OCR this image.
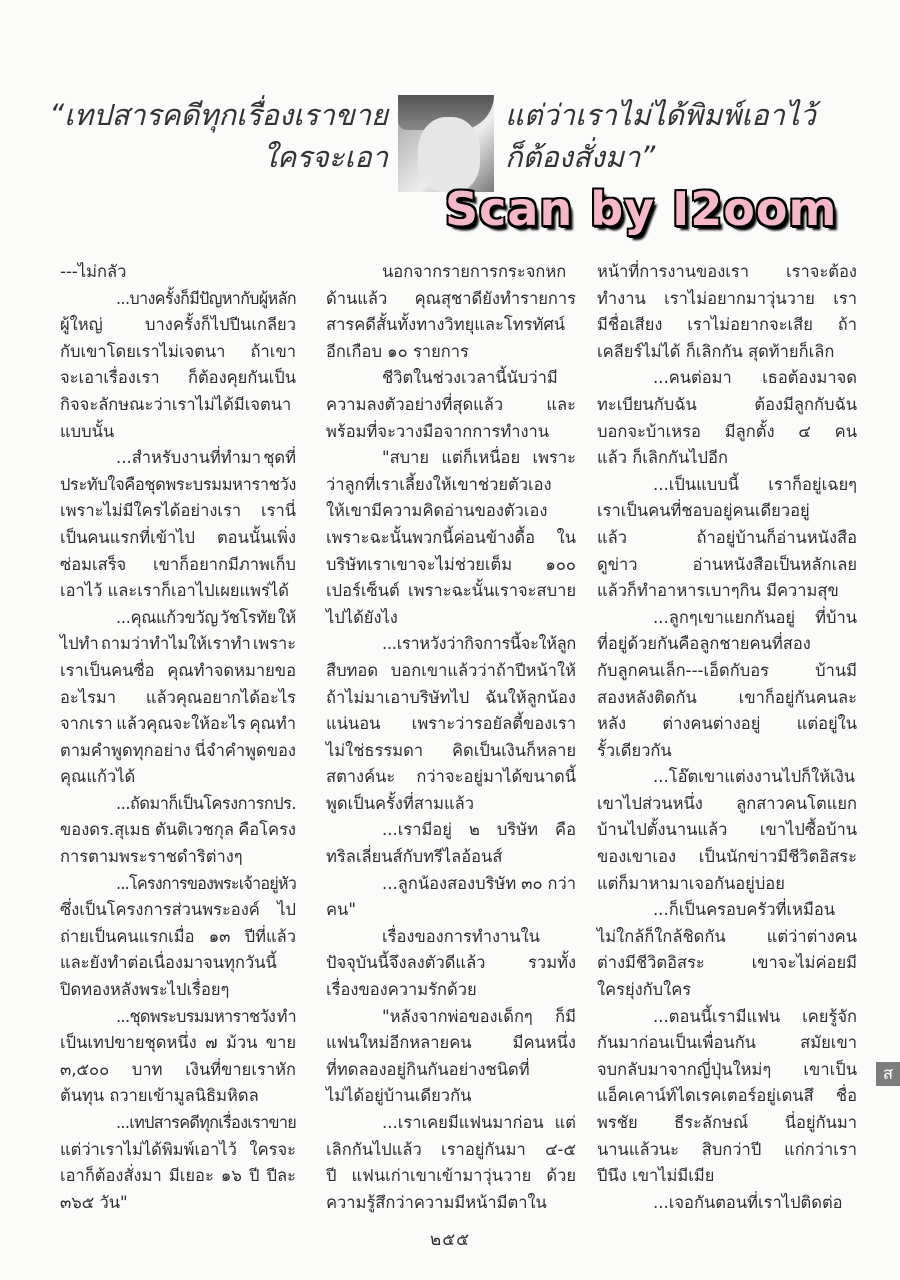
“เทปสารคดีทุกเรื่องเราขาย	แต่ว่าเราไม่ได้พิมพ์เอาไว้
ใครจะเอา	ก็ต้องสั่งมา”
Scan by I2oom
---ไม่กลัว
...บางครั้งก็มีปัญหากับผู้หลัก
ผู้ใหญ่ บางครั้งก็ไปปีนเกลียว
กับเขาโดยเราไม่เจตนา ถ้าเขา
จะเอาเรื่องเรา ก็ต้องคุยกันเป็น
กิจจะลักษณะว่าเราไม่ได้มีเจตนา
แบบนั้น
...สำหรับงานที่ทำมา ชุดที่
ประทับใจคือชุดพระบรมมหาราชวัง
เพราะไม่มีใครได้อย่างเรา เรานี่
เป็นคนแรกที่เข้าไป ตอนนั้นเพิ่ง
ซ่อมเสร็จ เขาก็อยากมีภาพเก็บ
เอาไว้ และเราก็เอาไปเผยแพร่ได้
...คุณแก้วขวัญ วัชโรทัย ให้
ไปทำ ถามว่าทำไมให้เราทำ เพราะ
เราเป็นคนซื่อ คุณทำจดหมายขอ
อะไรมา แล้วคุณอยากได้อะไร
จากเรา แล้วคุณจะให้อะไร คุณทำ
ตามคำพูดทุกอย่าง นี่จำคำพูดของ
คุณแก้วได้
...ถัดมาก็เป็นโครงการกปร.
ของดร.สุเมธ ตันติเวชกุล คือโครง
การตามพระราชดำริต่างๆ
...โครงการของพระเจ้าอยู่หัว
ซึ่งเป็นโครงการส่วนพระองค์ ไป
ถ่ายเป็นคนแรกเมื่อ ๑๓ ปีที่แล้ว
และยังทำต่อเนื่องมาจนทุกวันนี้
ปิดทองหลังพระไปเรื่อยๆ
...ชุดพระบรมมหาราชวัง ทำ
เป็นเทปขายชุดหนึ่ง ๗ ม้วน ขาย
๓,๕๐๐ บาท เงินที่ขายเราหัก
ต้นทุน ถวายเข้ามูลนิธิมหิดล
...เทปสารคดีทุกเรื่องเราขาย
แต่ว่าเราไม่ได้พิมพ์เอาไว้ ใครจะ
เอาก็ต้องสั่งมา มีเยอะ ๑๖ ปี ปีละ
๓๖๕ วัน"
นอกจากรายการกระจกหก
ด้านแล้ว คุณสุชาดียังทำรายการ
สารคดีสั้นทั้งทางวิทยุและโทรทัศน์
อีกเกือบ ๑๐ รายการ
ชีวิตในช่วงเวลานี้นับว่ามี
ความลงตัวอย่างที่สุดแล้ว และ
พร้อมที่จะวางมือจากการทำงาน
"สบาย แต่ก็เหนื่อย เพราะ
ว่าลูกที่เราเลี้ยงให้เขาช่วยตัวเอง
ให้เขามีความคิดอ่านของตัวเอง
เพราะฉะนั้นพวกนี้ค่อนข้างดื้อ ใน
บริษัทเราเขาจะไม่ช่วยเต็ม ๑๐๐
เปอร์เซ็นต์ เพราะฉะนั้นเราจะสบาย
ไปได้ยังไง
...เราหวังว่ากิจการนี้จะให้ลูก
สืบทอด บอกเขาแล้วว่าถ้าปีหน้าให้
ถ้าไม่มาเอาบริษัทไป ฉันให้ลูกน้อง
แน่นอน เพราะว่ารอยัลตี้ของเรา
ไม่ใช่ธรรมดา คิดเป็นเงินก็หลาย
สตางค์นะ กว่าจะอยู่มาได้ขนาดนี้
พูดเป็นครั้งที่สามแล้ว
...เรามีอยู่ ๒ บริษัท คือ
ทริลเลี่ยนส์กับทรีไลอ้อนส์
...ลูกน้องสองบริษัท ๓๐ กว่า
คน"
เรื่องของการทำงานใน
ปัจจุบันนี้จึงลงตัวดีแล้ว รวมทั้ง
เรื่องของความรักด้วย
"หลังจากพ่อของเด็กๆ ก็มี
แฟนใหม่อีกหลายคน มีคนหนึ่ง
ที่ทดลองอยู่กินกันอย่างชนิดที่
ไม่ได้อยู่บ้านเดียวกัน
...เราเคยมีแฟนมาก่อน แต่
เลิกกันไปแล้ว เราอยู่กันมา ๔-๕
ปี แฟนเก่าเขาเข้ามาวุ่นวาย ด้วย
ความรู้สึกว่าความมีหน้ามีตาใน
หน้าที่การงานของเรา เราจะต้อง
ทำงาน เราไม่อยากมาวุ่นวาย เรา
มีชื่อเสียง เราไม่อยากจะเสีย ถ้า
เคลียร์ไม่ได้ ก็เลิกกัน สุดท้ายก็เลิก
...คนต่อมา เธอต้องมาจด
ทะเบียนกับฉัน ต้องมีลูกกับฉัน
บอกจะบ้าเหรอ มีลูกตั้ง ๔ คน
แล้ว ก็เลิกกันไปอีก
...เป็นแบบนี้ เราก็อยู่เฉยๆ
เราเป็นคนที่ชอบอยู่คนเดียวอยู่
แล้ว ถ้าอยู่บ้านก็อ่านหนังสือ
ดูข่าว อ่านหนังสือเป็นหลักเลย
แล้วก็ทำอาหารเบาๆกิน มีความสุข
...ลูกๆเขาแยกกันอยู่ ที่บ้าน
ที่อยู่ด้วยกันคือลูกชายคนที่สอง
กับลูกคนเล็ก---เอ็ดกับอร บ้านมี
สองหลังติดกัน เขาก็อยู่กันคนละ
หลัง ต่างคนต่างอยู่ แต่อยู่ใน
รั้วเดียวกัน
...โอ๊ตเขาแต่งงานไปก็ให้เงิน
เขาไปส่วนหนึ่ง ลูกสาวคนโตแยก
บ้านไปตั้งนานแล้ว เขาไปซื้อบ้าน
ของเขาเอง เป็นนักข่าวมีชีวิตอิสระ
แต่ก็มาหามาเจอกันอยู่บ่อย
...ก็เป็นครอบครัวที่เหมือน
ไม่ใกล้ก็ใกล้ชิดกัน แต่ว่าต่างคน
ต่างมีชีวิตอิสระ เขาจะไม่ค่อยมี
ใครยุ่งกับใคร
...ตอนนี้เรามีแฟน เคยรู้จัก
กันมาก่อนเป็นเพื่อนกัน สมัยเขา
จบกลับมาจากญี่ปุ่นใหม่ๆ เขาเป็น
แอ็คเคาน์ท์ไดเรคเตอร์อยู่เดนสึ ชื่อ
พรชัย ธีระลักษณ์ นี่อยู่กันมา
นานแล้วนะ สิบกว่าปี แก่กว่าเรา
ปีนึง เขาไม่มีเมีย
...เจอกันตอนที่เราไปติดต่อ
๒๕๕
ส
